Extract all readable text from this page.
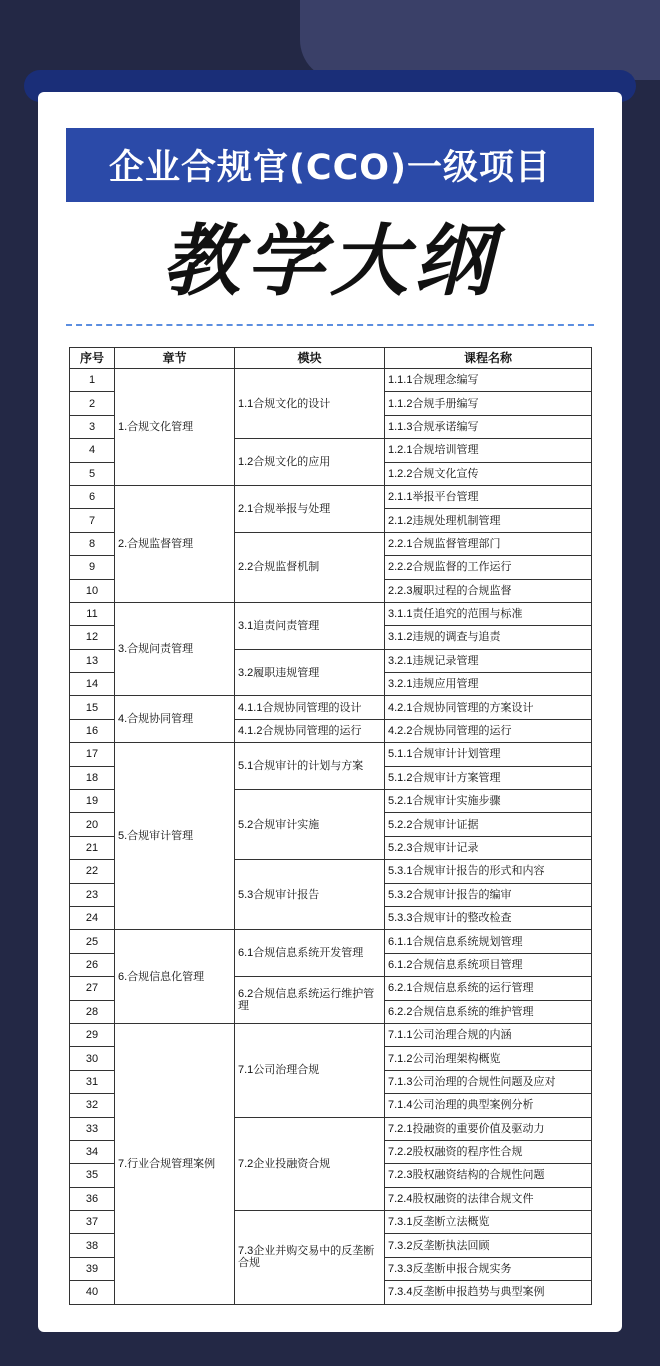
企业合规官(CCO)一级项目
教学大纲
序号	章节	模块	课程名称
1	1.合规文化管理	1.1合规文化的设计	1.1.1合规理念编写
2			1.1.2合规手册编写
3			1.1.3合规承诺编写
4		1.2合规文化的应用	1.2.1合规培训管理
5			1.2.2合规文化宣传
6	2.合规监督管理	2.1合规举报与处理	2.1.1举报平台管理
7			2.1.2违规处理机制管理
8		2.2合规监督机制	2.2.1合规监督管理部门
9			2.2.2合规监督的工作运行
10			2.2.3履职过程的合规监督
11	3.合规问责管理	3.1追责问责管理	3.1.1责任追究的范围与标准
12			3.1.2违规的调查与追责
13		3.2履职违规管理	3.2.1违规记录管理
14			3.2.1违规应用管理
15	4.合规协同管理	4.1.1合规协同管理的设计	4.2.1合规协同管理的方案设计
16		4.1.2合规协同管理的运行	4.2.2合规协同管理的运行
17	5.合规审计管理	5.1合规审计的计划与方案	5.1.1合规审计计划管理
18			5.1.2合规审计方案管理
19		5.2合规审计实施	5.2.1合规审计实施步骤
20			5.2.2合规审计证据
21			5.2.3合规审计记录
22		5.3合规审计报告	5.3.1合规审计报告的形式和内容
23			5.3.2合规审计报告的编审
24			5.3.3合规审计的整改检查
25	6.合规信息化管理	6.1合规信息系统开发管理	6.1.1合规信息系统规划管理
26			6.1.2合规信息系统项目管理
27		6.2合规信息系统运行维护管理	6.2.1合规信息系统的运行管理
28			6.2.2合规信息系统的维护管理
29	7.行业合规管理案例	7.1公司治理合规	7.1.1公司治理合规的内涵
30			7.1.2公司治理架构概览
31			7.1.3公司治理的合规性问题及应对
32			7.1.4公司治理的典型案例分析
33		7.2企业投融资合规	7.2.1投融资的重要价值及驱动力
34			7.2.2股权融资的程序性合规
35			7.2.3股权融资结构的合规性问题
36			7.2.4股权融资的法律合规文件
37		7.3企业并购交易中的反垄断合规	7.3.1反垄断立法概览
38			7.3.2反垄断执法回顾
39			7.3.3反垄断申报合规实务
40			7.3.4反垄断申报趋势与典型案例
